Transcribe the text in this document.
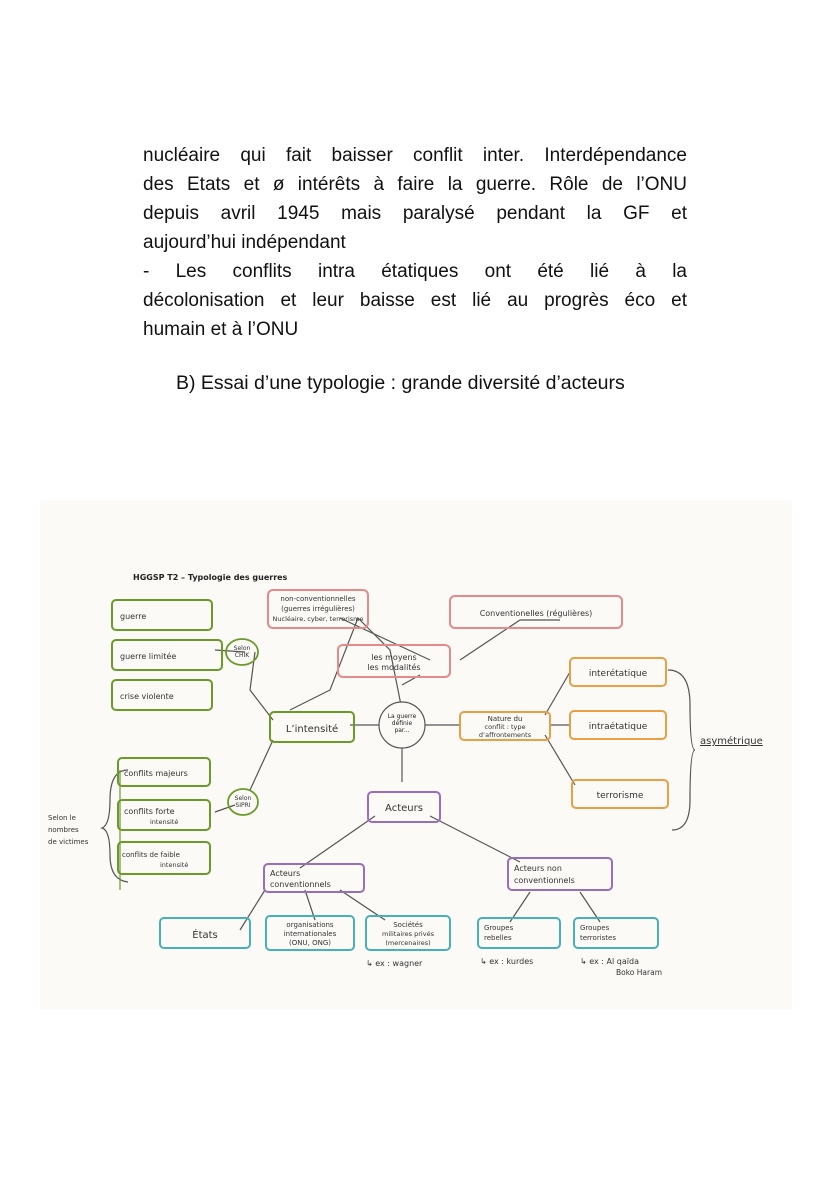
nucléaire qui fait baisser conflit inter. Interdépendance
des Etats et ø intérêts à faire la guerre. Rôle de l’ONU
depuis avril 1945 mais paralysé pendant la GF et
aujourd’hui indépendant
- Les conflits intra étatiques ont été lié à la
décolonisation et leur baisse est lié au progrès éco et
humain et à l’ONU
B) Essai d’une typologie : grande diversité d’acteurs
HGGSP T2 – Typologie des guerres
non-conventionnelles
(guerres irrégulières)
Nucléaire, cyber, terrorisme
Conventionelles (régulières)
les moyens
les modalités
La guerre
définie
par...
L’intensité
Nature du
conflit : type
d’affrontements
interétatique
intraétatique
terrorisme
asymétrique
Acteurs
Selon
CHIK
Selon
SIPRI
guerre
guerre limitée
crise violente
conflits majeurs
conflits forte
intensité
conflits de faible
intensité
Selon le
nombres
de victimes
Acteurs
conventionnels
Acteurs non
conventionnels
États
organisations
internationales
(ONU, ONG)
Sociétés
militaires privés
(mercenaires)
↳ ex : wagner
Groupes
rebelles
↳ ex : kurdes
Groupes
terroristes
↳ ex : Al qaïda
Boko Haram
